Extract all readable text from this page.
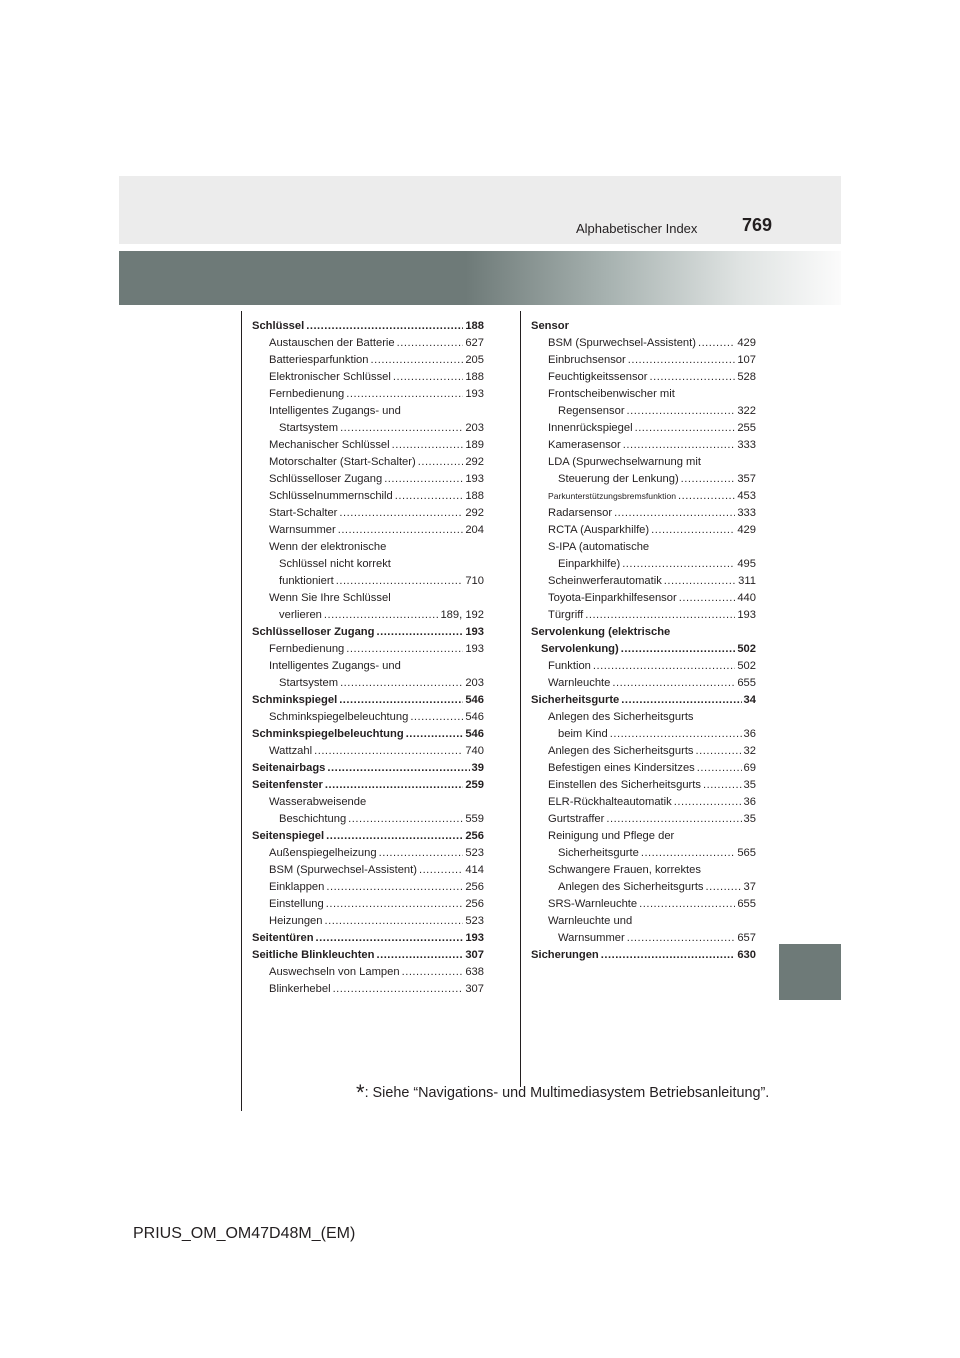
Alphabetischer Index 769
Schlüssel .....	188
Austauschen der Batterie .....	627
Batteriesparfunktion .....	205
Elektronischer Schlüssel .....	188
Fernbedienung .....	193
Intelligentes Zugangs- und
Startsystem .....	203
Mechanischer Schlüssel .....	189
Motorschalter (Start-Schalter) .....	292
Schlüsselloser Zugang .....	193
Schlüsselnummernschild .....	188
Start-Schalter .....	292
Warnsummer .....	204
Wenn der elektronische
Schlüssel nicht korrekt
funktioniert .....	710
Wenn Sie Ihre Schlüssel
verlieren .....	189, 192
Schlüsselloser Zugang .....	193
Fernbedienung .....	193
Intelligentes Zugangs- und
Startsystem .....	203
Schminkspiegel .....	546
Schminkspiegelbeleuchtung .....	546
Schminkspiegelbeleuchtung .....	546
Wattzahl .....	740
Seitenairbags .....	39
Seitenfenster .....	259
Wasserabweisende
Beschichtung .....	559
Seitenspiegel .....	256
Außenspiegelheizung .....	523
BSM (Spurwechsel-Assistent) .....	414
Einklappen .....	256
Einstellung .....	256
Heizungen .....	523
Seitentüren .....	193
Seitliche Blinkleuchten .....	307
Auswechseln von Lampen .....	638
Blinkerhebel .....	307
Sensor
BSM (Spurwechsel-Assistent) .....	429
Einbruchsensor .....	107
Feuchtigkeitssensor .....	528
Frontscheibenwischer mit
Regensensor .....	322
Innenrückspiegel .....	255
Kamerasensor .....	333
LDA (Spurwechselwarnung mit
Steuerung der Lenkung) .....	357
Parkunterstützungsbremsfunktion .....	453
Radarsensor .....	333
RCTA (Ausparkhilfe) .....	429
S-IPA (automatische
Einparkhilfe) .....	495
Scheinwerferautomatik .....	311
Toyota-Einparkhilfesensor .....	440
Türgriff .....	193
Servolenkung (elektrische
Servolenkung) .....	502
Funktion .....	502
Warnleuchte .....	655
Sicherheitsgurte .....	34
Anlegen des Sicherheitsgurts
beim Kind .....	36
Anlegen des Sicherheitsgurts .....	32
Befestigen eines Kindersitzes .....	69
Einstellen des Sicherheitsgurts .....	35
ELR-Rückhalteautomatik .....	36
Gurtstraffer .....	35
Reinigung und Pflege der
Sicherheitsgurte .....	565
Schwangere Frauen, korrektes
Anlegen des Sicherheitsgurts .....	37
SRS-Warnleuchte .....	655
Warnleuchte und
Warnsummer .....	657
Sicherungen .....	630
*: Siehe “Navigations- und Multimediasystem Betriebsanleitung”.
PRIUS_OM_OM47D48M_(EM)
